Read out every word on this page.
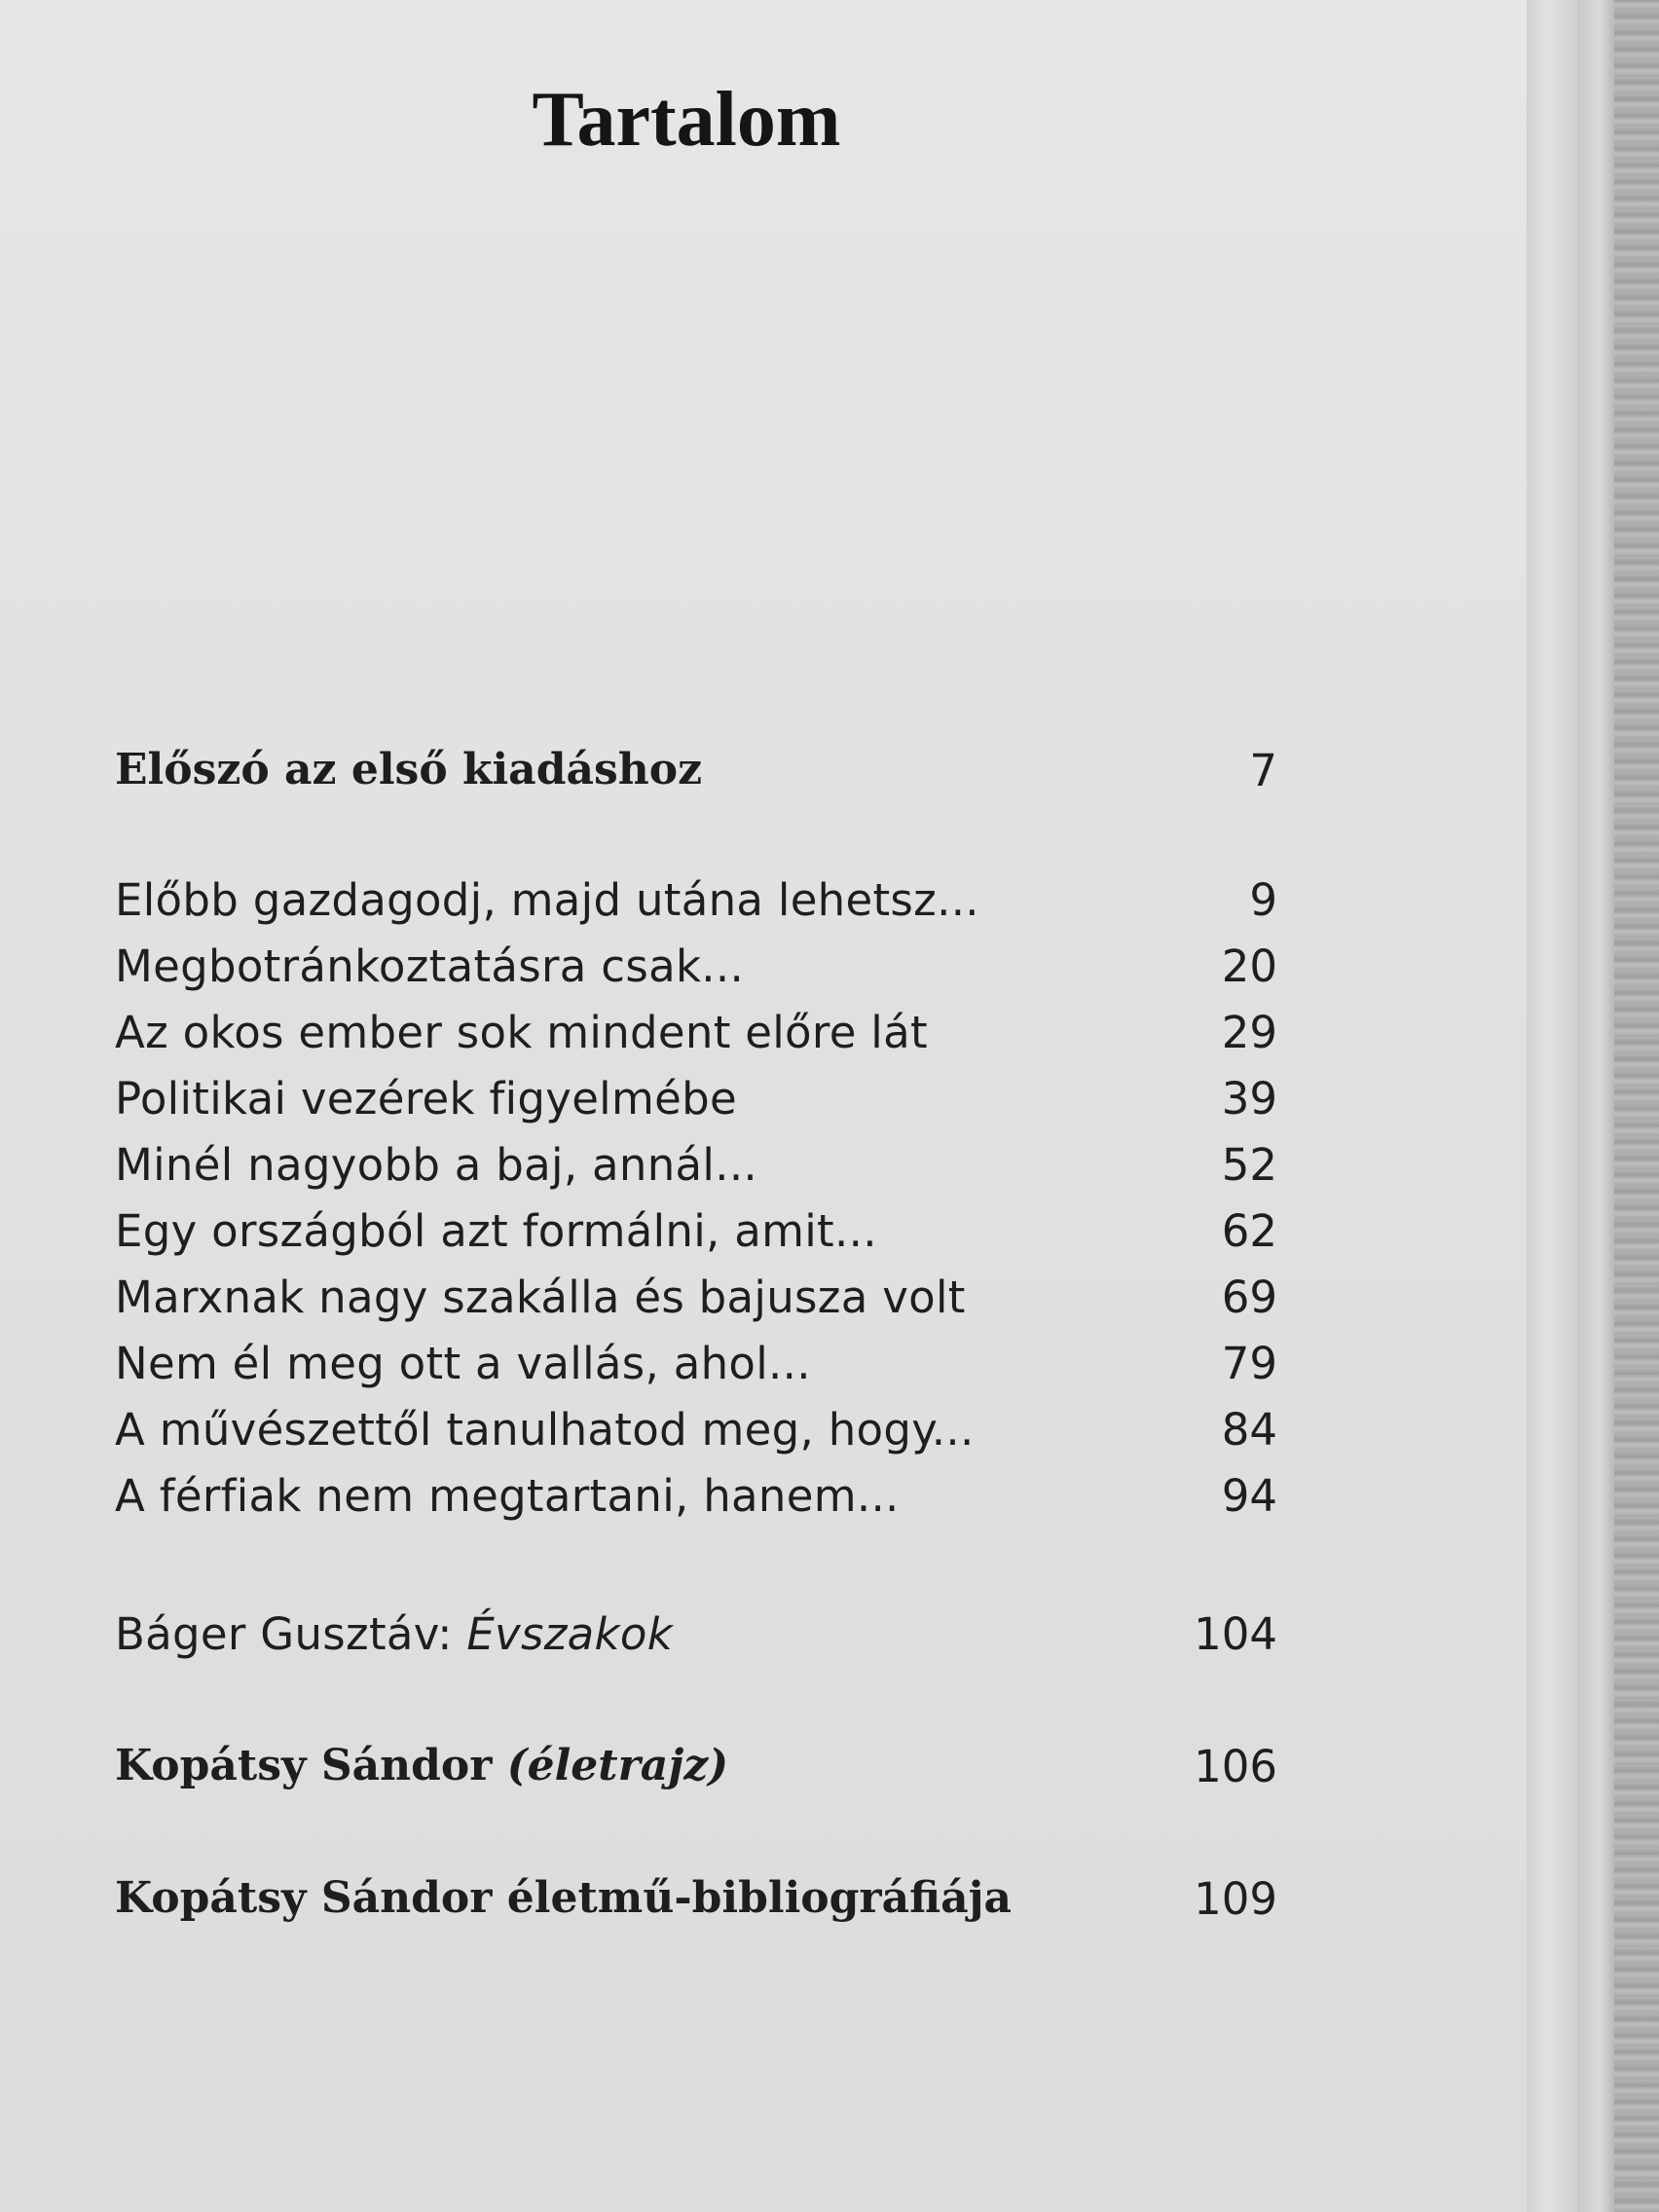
Tartalom
Előszó az első kiadáshoz	7
Előbb gazdagodj, majd utána lehetsz...	9
Megbotránkoztatásra csak...	20
Az okos ember sok mindent előre lát	29
Politikai vezérek figyelmébe	39
Minél nagyobb a baj, annál...	52
Egy országból azt formálni, amit...	62
Marxnak nagy szakálla és bajusza volt	69
Nem él meg ott a vallás, ahol...	79
A művészettől tanulhatod meg, hogy...	84
A férfiak nem megtartani, hanem...	94
Báger Gusztáv: Évszakok	104
Kopátsy Sándor (életrajz)	106
Kopátsy Sándor életmű-bibliográfiája	109
